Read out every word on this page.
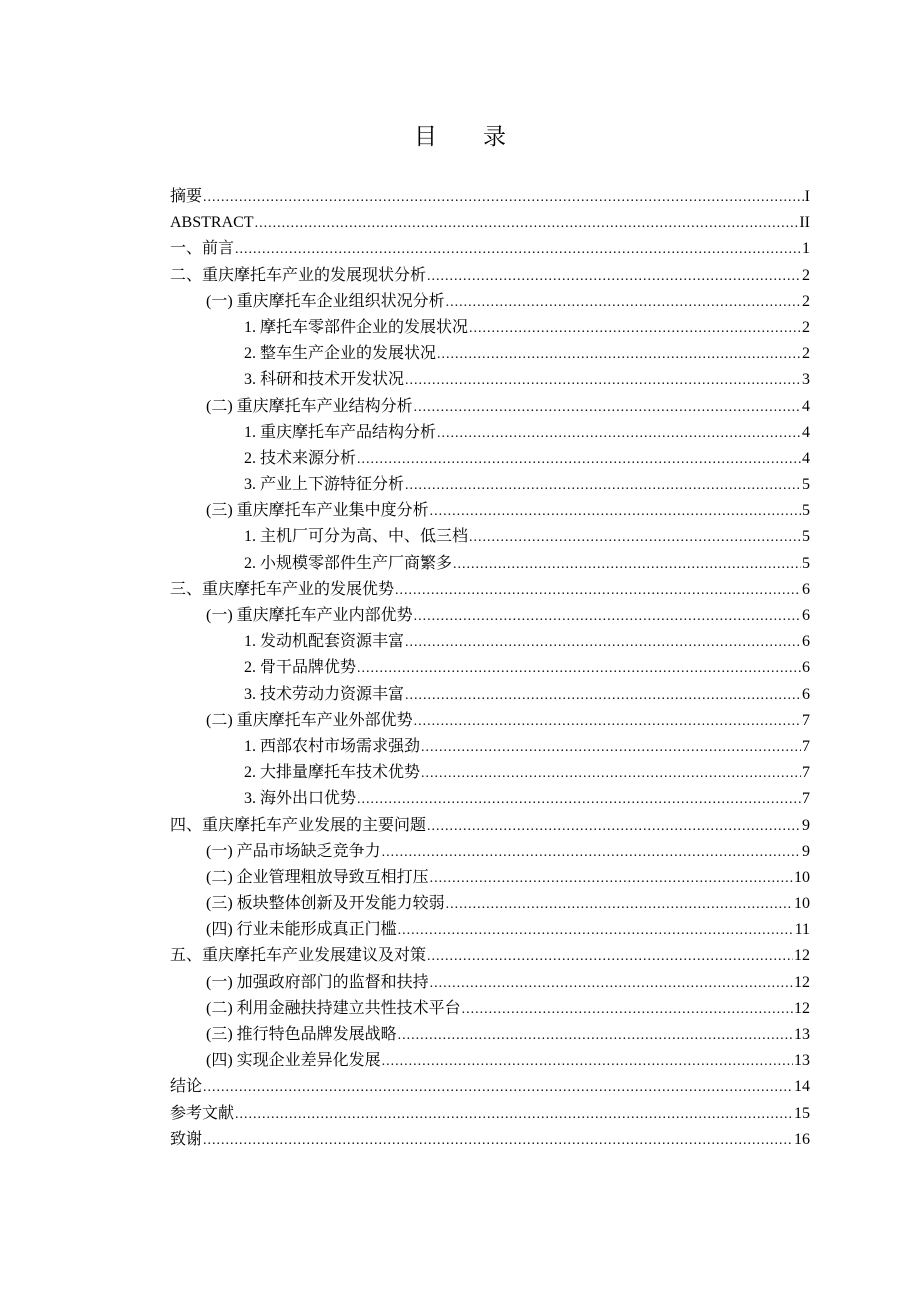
目 录
摘要 .....	I
ABSTRACT .....	II
一、前言 .....	1
二、重庆摩托车产业的发展现状分析 .....	2
(一) 重庆摩托车企业组织状况分析 .....	2
1. 摩托车零部件企业的发展状况 .....	2
2. 整车生产企业的发展状况 .....	2
3. 科研和技术开发状况 .....	3
(二) 重庆摩托车产业结构分析 .....	4
1. 重庆摩托车产品结构分析 .....	4
2. 技术来源分析 .....	4
3. 产业上下游特征分析 .....	5
(三) 重庆摩托车产业集中度分析 .....	5
1. 主机厂可分为高、中、低三档 .....	5
2. 小规模零部件生产厂商繁多 .....	5
三、重庆摩托车产业的发展优势 .....	6
(一) 重庆摩托车产业内部优势 .....	6
1. 发动机配套资源丰富 .....	6
2. 骨干品牌优势 .....	6
3. 技术劳动力资源丰富 .....	6
(二) 重庆摩托车产业外部优势 .....	7
1. 西部农村市场需求强劲 .....	7
2. 大排量摩托车技术优势 .....	7
3. 海外出口优势 .....	7
四、重庆摩托车产业发展的主要问题 .....	9
(一) 产品市场缺乏竞争力 .....	9
(二) 企业管理粗放导致互相打压 .....	10
(三) 板块整体创新及开发能力较弱 .....	10
(四) 行业未能形成真正门槛 .....	11
五、重庆摩托车产业发展建议及对策 .....	12
(一) 加强政府部门的监督和扶持 .....	12
(二) 利用金融扶持建立共性技术平台 .....	12
(三) 推行特色品牌发展战略 .....	13
(四) 实现企业差异化发展 .....	13
结论 .....	14
参考文献 .....	15
致谢 .....	16
